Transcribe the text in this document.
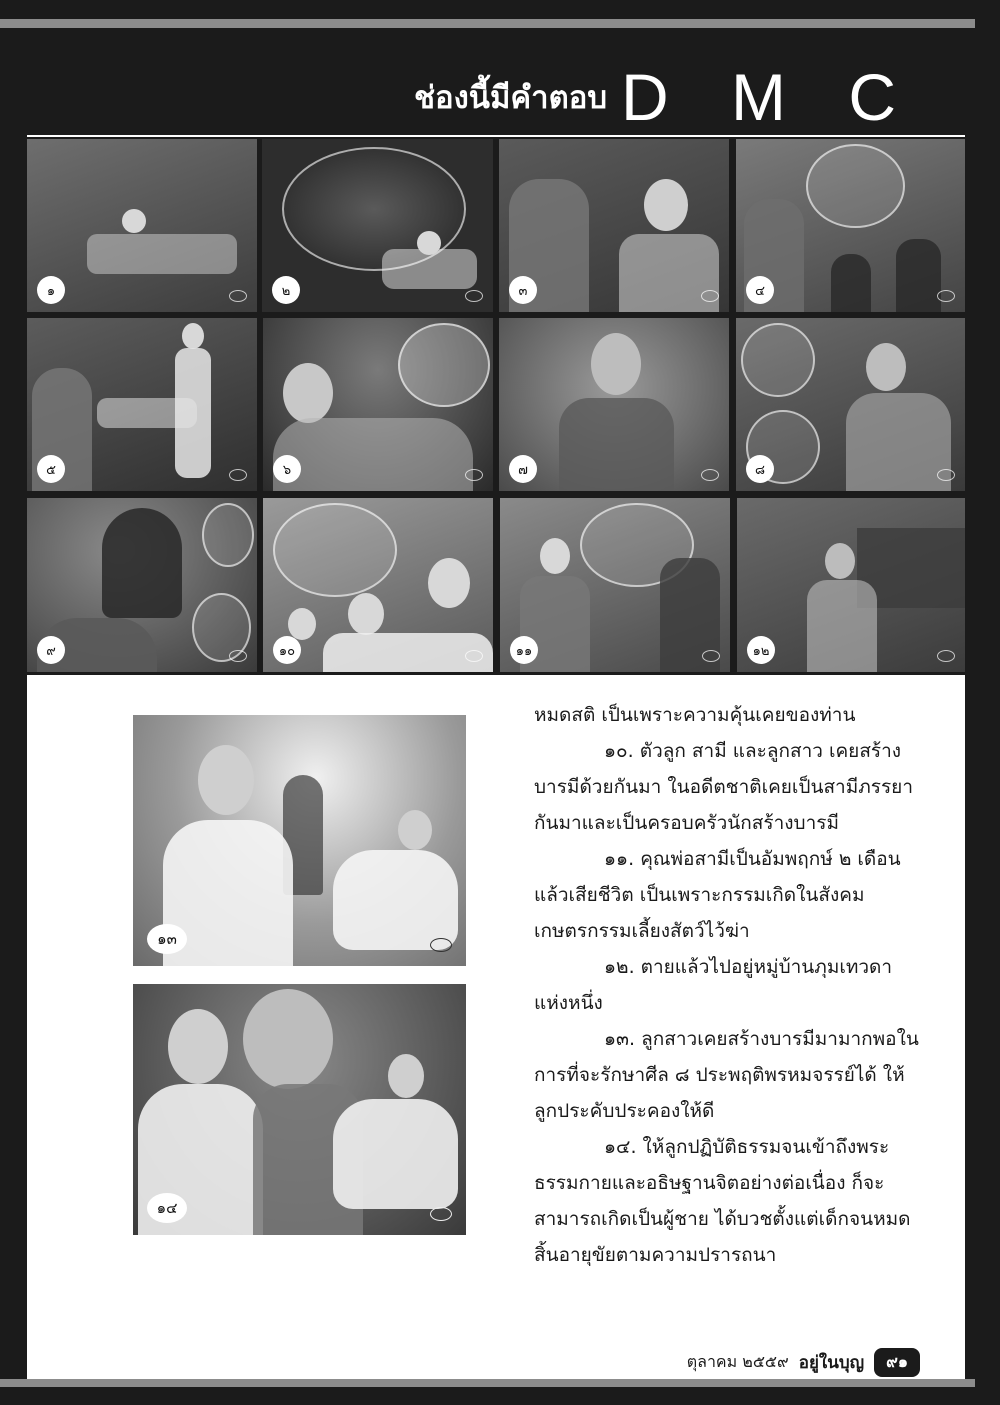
ช่องนี้มีคำตอบ D M C
๑	๒	๓	๔
๕	๖	๗	๘
๙	๑๐	๑๑	๑๒
๑๓
๑๔

หมดสติ เป็นเพราะความคุ้นเคยของท่าน

๑๐. ตัวลูก สามี และลูกสาว เคยสร้างบารมีด้วยกันมา ในอดีตชาติเคยเป็นสามีภรรยากันมาและเป็นครอบครัวนักสร้างบารมี

๑๑. คุณพ่อสามีเป็นอัมพฤกษ์ ๒ เดือน แล้วเสียชีวิต เป็นเพราะกรรมเกิดในสังคมเกษตรกรรมเลี้ยงสัตว์ไว้ฆ่า

๑๒. ตายแล้วไปอยู่หมู่บ้านภุมเทวดาแห่งหนึ่ง

๑๓. ลูกสาวเคยสร้างบารมีมามากพอในการที่จะรักษาศีล ๘ ประพฤติพรหมจรรย์ได้ ให้ลูกประคับประคองให้ดี

๑๔. ให้ลูกปฏิบัติธรรมจนเข้าถึงพระธรรมกายและอธิษฐานจิตอย่างต่อเนื่อง ก็จะสามารถเกิดเป็นผู้ชาย ได้บวชตั้งแต่เด็กจนหมดสิ้นอายุขัยตามความปรารถนา

ตุลาคม ๒๕๕๙ อยู่ในบุญ	๙๑
